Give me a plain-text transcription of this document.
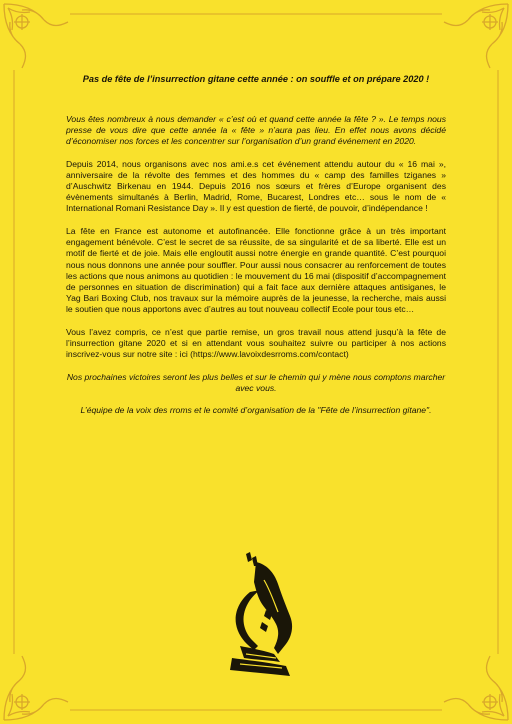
Pas de fête de l’insurrection gitane cette année : on souffle et on prépare 2020 !

Vous êtes nombreux à nous demander « c’est où et quand cette année la fête ? ». Le temps nous presse de vous dire que cette année la « fête » n’aura pas lieu. En effet nous avons décidé d’économiser nos forces et les concentrer sur l’organisation d’un grand événement en 2020.

Depuis 2014, nous organisons avec nos ami.e.s cet événement attendu autour du « 16 mai », anniversaire de la révolte des femmes et des hommes du « camp des familles tziganes » d’Auschwitz Birkenau en 1944. Depuis 2016 nos sœurs et frères d’Europe organisent des évènements simultanés à Berlin, Madrid, Rome, Bucarest, Londres etc… sous le nom de « International Romani Resistance Day ». Il y est question de fierté, de pouvoir, d’indépendance !

La fête en France est autonome et autofinancée. Elle fonctionne grâce à un très important engagement bénévole. C’est le secret de sa réussite, de sa singularité et de sa liberté. Elle est un motif de fierté et de joie. Mais elle engloutit aussi notre énergie en grande quantité. C’est pourquoi nous nous donnons une année pour souffler. Pour aussi nous consacrer au renforcement de toutes les actions que nous animons au quotidien : le mouvement du 16 mai (dispositif d’accompagnement de personnes en situation de discrimination) qui a fait face aux dernière attaques antisiganes, le Yag Bari Boxing Club, nos travaux sur la mémoire auprès de la jeunesse, la recherche, mais aussi le soutien que nous apportons avec d’autres au tout nouveau collectif Ecole pour tous etc…

Vous l’avez compris, ce n’est que partie remise, un gros travail nous attend jusqu’à la fête de l’insurrection gitane 2020 et si en attendant vous souhaitez suivre ou participer à nos actions inscrivez-vous sur notre site : ici (https://www.lavoixdesrroms.com/contact)

Nos prochaines victoires seront les plus belles et sur le chemin qui y mène nous comptons marcher avec vous.

L’équipe de la voix des rroms et le comité d’organisation de la "Fête de l’insurrection gitane".
